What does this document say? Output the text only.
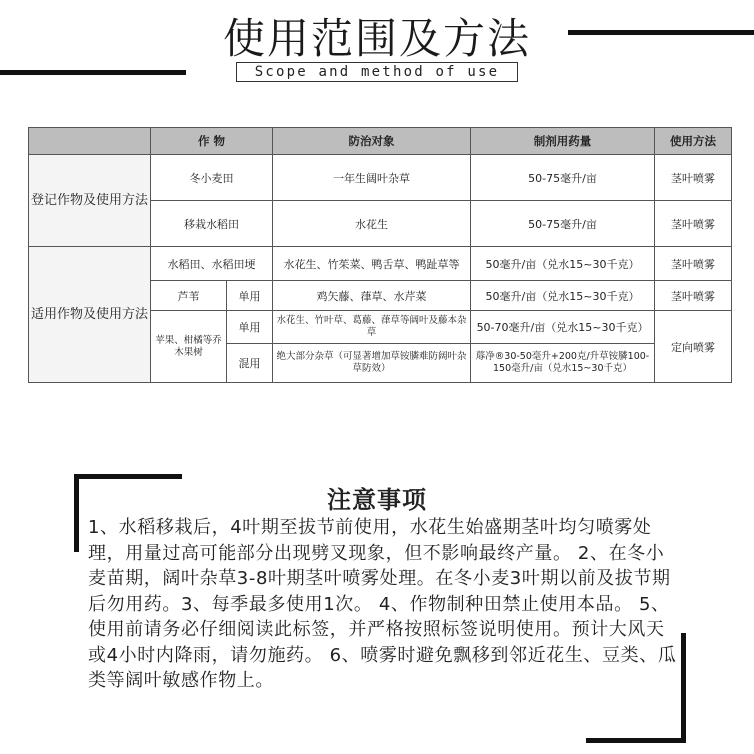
使用范围及方法
Scope and method of use
	作 物		防治对象	制剂用药量	使用方法
登记作物及使用方法	冬小麦田		一年生阔叶杂草	50-75毫升/亩	茎叶喷雾
	移栽水稻田		水花生	50-75毫升/亩	茎叶喷雾
适用作物及使用方法	水稻田、水稻田埂		水花生、竹茱菜、鸭舌草、鸭趾草等	50毫升/亩（兑水15~30千克）	茎叶喷雾
	芦苇	单用	鸡矢藤、葎草、水芹菜	50毫升/亩（兑水15~30千克）	茎叶喷雾
	苹果、柑橘等乔木果树	单用	水花生、竹叶草、葛藤、葎草等阔叶及藤本杂草	50-70毫升/亩（兑水15~30千克）	定向喷雾
		混用	绝大部分杂草（可显著增加草铵膦难防阔叶杂草防效）	蓐净®30-50毫升+200克/升草铵膦100-150毫升/亩（兑水15~30千克）	
注意事项

1、水稻移栽后，4叶期至拔节前使用，水花生始盛期茎叶均匀喷雾处理，用量过高可能部分出现劈叉现象，但不影响最终产量。 2、在冬小麦苗期，阔叶杂草3-8叶期茎叶喷雾处理。在冬小麦3叶期以前及拔节期后勿用药。3、每季最多使用1次。 4、作物制种田禁止使用本品。 5、使用前请务必仔细阅读此标签，并严格按照标签说明使用。预计大风天或4小时内降雨，请勿施药。 6、喷雾时避免飘移到邻近花生、豆类、瓜类等阔叶敏感作物上。
